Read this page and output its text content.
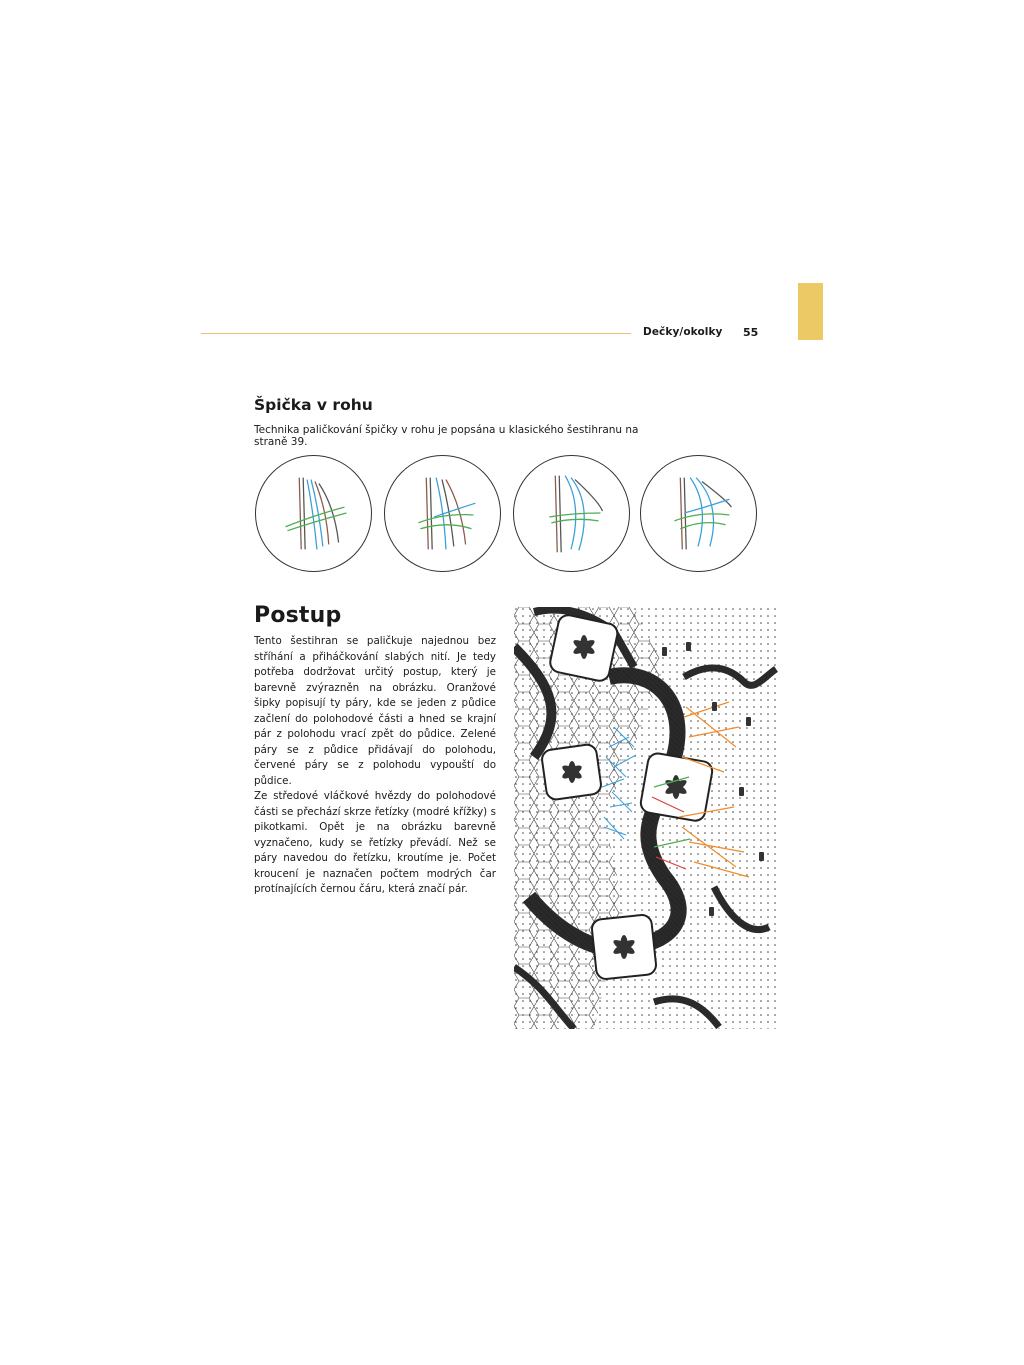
Dečky/okolky 55
Špička v rohu
Technika paličkování špičky v rohu je popsána u klasického šestihranu na straně 39.
Postup

Tento šestihran se paličkuje najednou bez stříhání a přiháčkování slabých nití. Je tedy potřeba dodržovat určitý postup, který je barevně zvýrazněn na obrázku. Oranžové šipky popisují ty páry, kde se jeden z půdice začlení do polohodové části a hned se krajní pár z polohodu vrací zpět do půdice. Zelené páry se z půdice přidávají do polohodu, červené páry se z polohodu vypouští do půdice.

Ze středové vláčkové hvězdy do polohodové části se přechází skrze řetízky (modré křížky) s pikotkami. Opět je na obrázku barevně vyznačeno, kudy se řetízky převádí. Než se páry navedou do řetízku, kroutíme je. Počet kroucení je naznačen počtem modrých čar protínajících černou čáru, která značí pár.
